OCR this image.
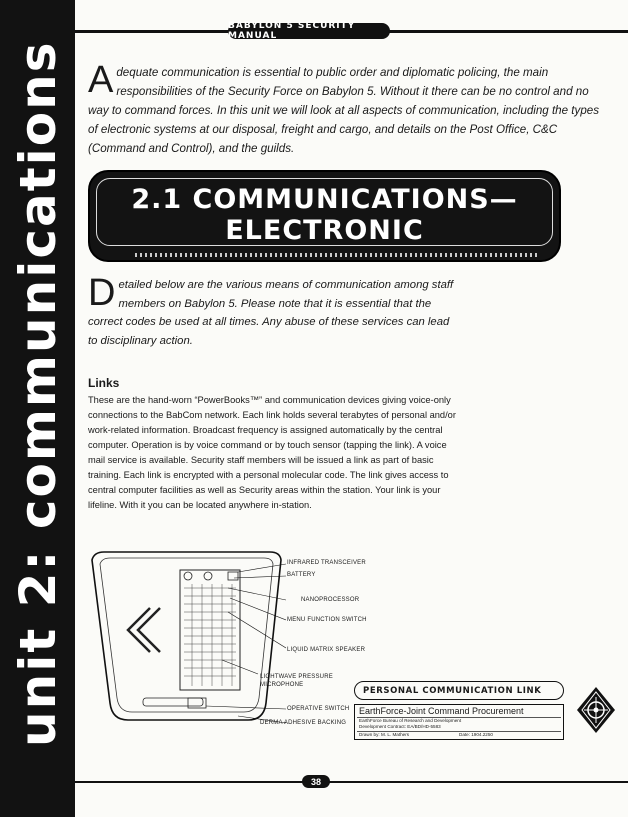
unit 2: communications
BABYLON 5 SECURITY MANUAL
Adequate communication is essential to public order and diplomatic policing, the main responsibilities of the Security Force on Babylon 5. Without it there can be no control and no way to command forces. In this unit we will look at all aspects of communication, including the types of electronic systems at our disposal, freight and cargo, and details on the Post Office, C&C (Command and Control), and the guilds.
2.1 COMMUNICATIONS—
ELECTRONIC
Detailed below are the various means of communication among staff members on Babylon 5. Please note that it is essential that the correct codes be used at all times. Any abuse of these services can lead to disciplinary action.
Links
These are the hand-worn “PowerBooks™” and communication devices giving voice-only connections to the BabCom network. Each link holds several terabytes of personal and/or work-related information. Broadcast frequency is assigned automatically by the central computer. Operation is by voice command or by touch sensor (tapping the link). A voice mail service is available. Security staff members will be issued a link as part of basic training. Each link is encrypted with a personal molecular code. The link gives access to central computer facilities as well as Security areas within the station. Your link is your lifeline. With it you can be located anywhere in-station.
INFRARED TRANSCEIVER
BATTERY
NANOPROCESSOR
MENU FUNCTION SWITCH
LIQUID MATRIX SPEAKER
LIGHTWAVE PRESSURE
MICROPHONE
OPERATIVE SWITCH
DERMA ADHESIVE BACKING
PERSONAL COMMUNICATION LINK
EarthForce-Joint Command Procurement
EarthForce Bureau of Research and Development
Development Contract: EA/BD/HD-5583
Drawn by: M. L. Mathers	Date: 1904.2250
38
